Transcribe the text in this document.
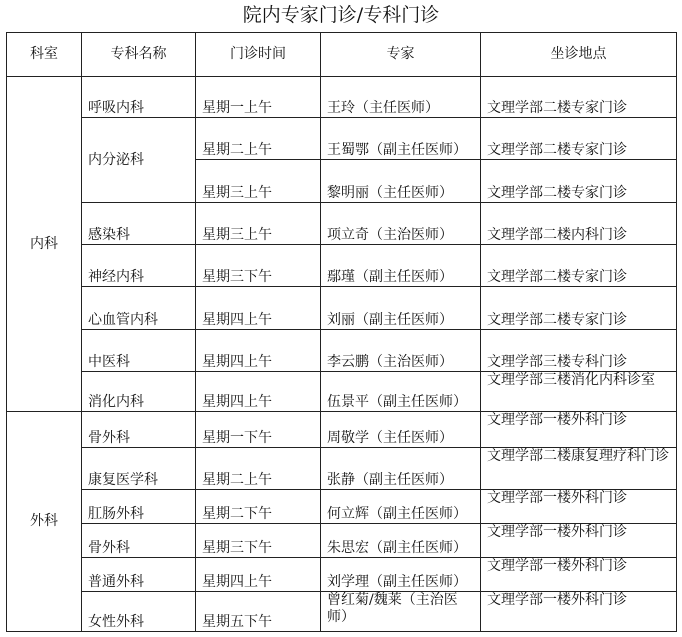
院内专家门诊/专科门诊
科室	专科名称	门诊时间	专家	坐诊地点
内科	呼吸内科	星期一上午	王玲（主任医师）	文理学部二楼专家门诊
	内分泌科	星期二上午	王蜀鄂（副主任医师）	文理学部二楼专家门诊
		星期三上午	黎明丽（主任医师）	文理学部二楼专家门诊
	感染科	星期三上午	项立奇（主治医师）	文理学部二楼内科门诊
	神经内科	星期三下午	鄢瑾（副主任医师）	文理学部二楼专家门诊
	心血管内科	星期四上午	刘丽（副主任医师）	文理学部二楼专家门诊
	中医科	星期四上午	李云鹏（主治医师）	文理学部三楼专科门诊
	消化内科	星期四上午	伍景平（副主任医师）	文理学部三楼消化内科诊室
外科	骨外科	星期一下午	周敬学（主任医师）	文理学部一楼外科门诊
	康复医学科	星期二上午	张静（副主任医师）	文理学部二楼康复理疗科门诊
	肛肠外科	星期二下午	何立辉（副主任医师）	文理学部一楼外科门诊
	骨外科	星期三下午	朱思宏（副主任医师）	文理学部一楼外科门诊
	普通外科	星期四上午	刘学理（副主任医师）	文理学部一楼外科门诊
	女性外科	星期五下午	曾红菊/魏莱（主治医师）	文理学部一楼外科门诊
